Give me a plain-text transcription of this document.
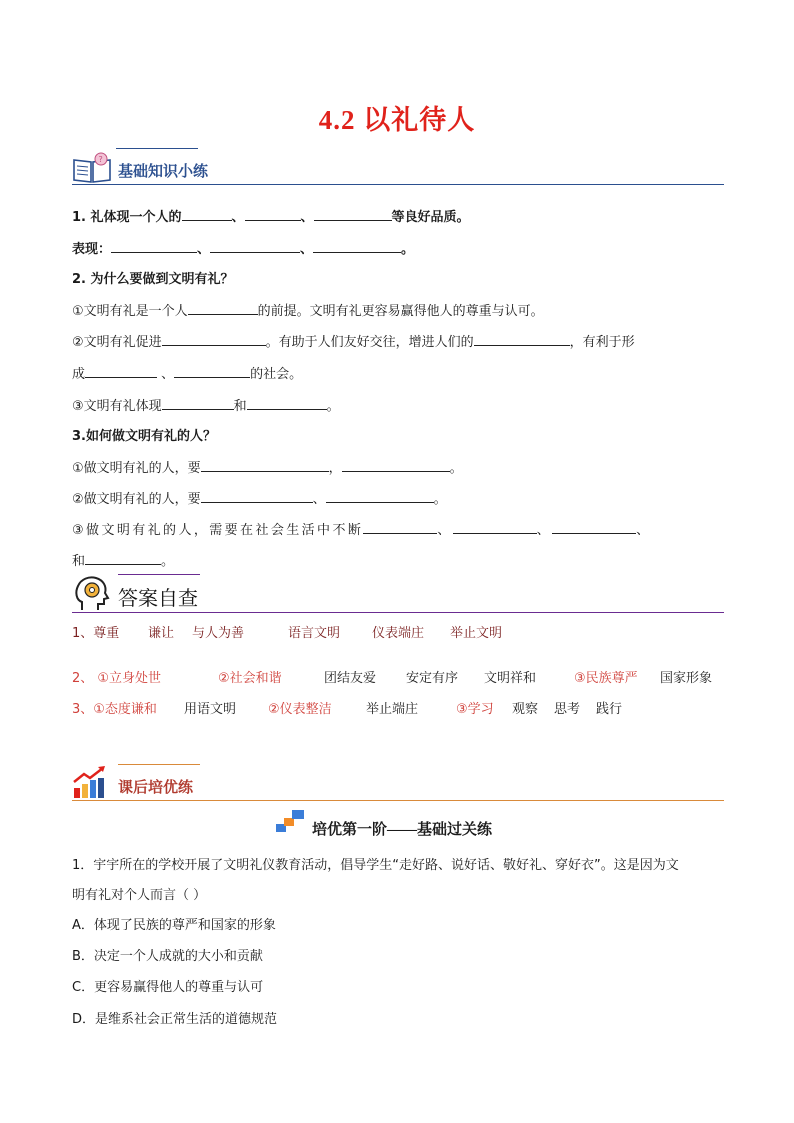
4.2 以礼待人
?
基础知识小练
1. 礼体现一个人的	、	、	等良好品质。
表现：	、	、	。
2. 为什么要做到文明有礼？
①文明有礼是一个人	的前提。文明有礼更容易赢得他人的尊重与认可。
②文明有礼促进	。有助于人们友好交往，增进人们的	，有利于形
成	、	的社会。
③文明有礼体现	和	。
3.如何做文明有礼的人？
①做文明有礼的人，要	，	。
②做文明有礼的人，要	、	。
③做文明有礼的人，需要在社会生活中不断	、	、	、
和	。
答案自查
1、尊重 谦让 与人为善	语言文明 仪表端庄 举止文明
2、 ①立身处世	②社会和谐	团结友爱 安定有序 文明祥和	③民族尊严 国家形象
3、①态度谦和 用语文明 ②仪表整洁	举止端庄	③学习 观察 思考 践行
课后培优练
培优第一阶——基础过关练
1．宇宇所在的学校开展了文明礼仪教育活动，倡导学生“走好路、说好话、敬好礼、穿好衣”。这是因为文
明有礼对个人而言（ ）
A．体现了民族的尊严和国家的形象
B．决定一个人成就的大小和贡献
C．更容易赢得他人的尊重与认可
D．是维系社会正常生活的道德规范
